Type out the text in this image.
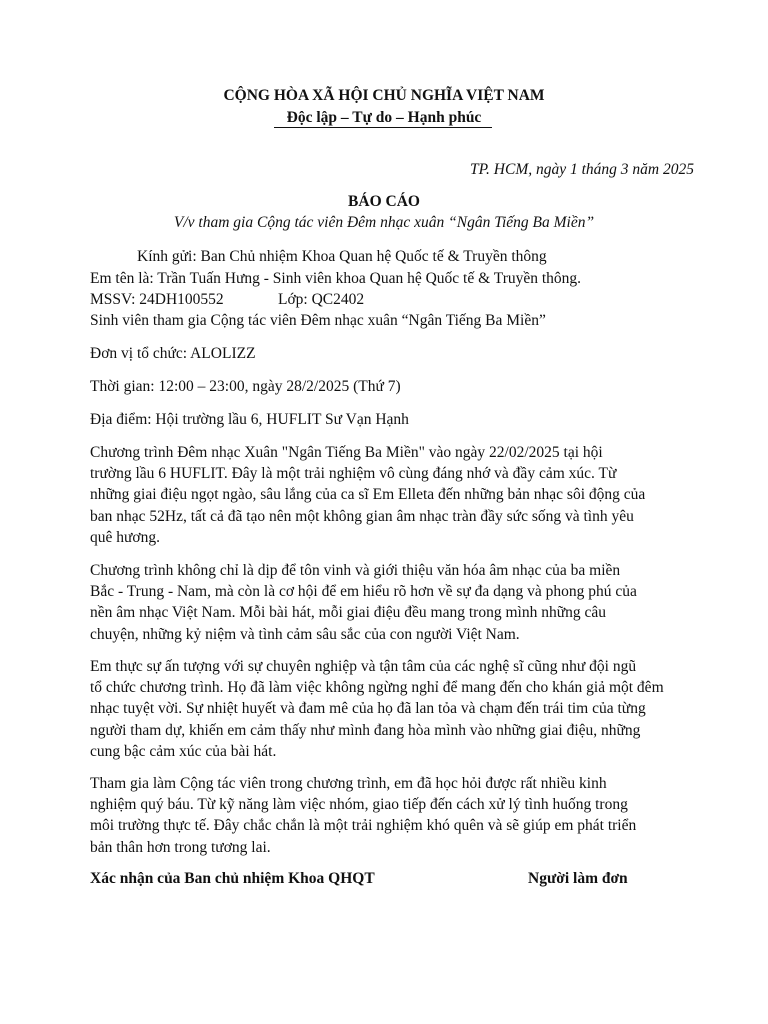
CỘNG HÒA XÃ HỘI CHỦ NGHĨA VIỆT NAM
Độc lập – Tự do – Hạnh phúc
TP. HCM, ngày 1 tháng 3 năm 2025
BÁO CÁO
V/v tham gia Cộng tác viên Đêm nhạc xuân “Ngân Tiếng Ba Miền”
Kính gửi: Ban Chủ nhiệm Khoa Quan hệ Quốc tế & Truyền thông
Em tên là: Trần Tuấn Hưng - Sinh viên khoa Quan hệ Quốc tế & Truyền thông.
MSSV: 24DH100552	Lớp: QC2402
Sinh viên tham gia Cộng tác viên Đêm nhạc xuân “Ngân Tiếng Ba Miền”
Đơn vị tổ chức: ALOLIZZ
Thời gian: 12:00 – 23:00, ngày 28/2/2025 (Thứ 7)
Địa điểm: Hội trường lầu 6, HUFLIT Sư Vạn Hạnh
Chương trình Đêm nhạc Xuân "Ngân Tiếng Ba Miền" vào ngày 22/02/2025 tại hội
trường lầu 6 HUFLIT. Đây là một trải nghiệm vô cùng đáng nhớ và đầy cảm xúc. Từ
những giai điệu ngọt ngào, sâu lắng của ca sĩ Em Elleta đến những bản nhạc sôi động của
ban nhạc 52Hz, tất cả đã tạo nên một không gian âm nhạc tràn đầy sức sống và tình yêu
quê hương.
Chương trình không chỉ là dịp để tôn vinh và giới thiệu văn hóa âm nhạc của ba miền
Bắc - Trung - Nam, mà còn là cơ hội để em hiểu rõ hơn về sự đa dạng và phong phú của
nền âm nhạc Việt Nam. Mỗi bài hát, mỗi giai điệu đều mang trong mình những câu
chuyện, những kỷ niệm và tình cảm sâu sắc của con người Việt Nam.
Em thực sự ấn tượng với sự chuyên nghiệp và tận tâm của các nghệ sĩ cũng như đội ngũ
tổ chức chương trình. Họ đã làm việc không ngừng nghỉ để mang đến cho khán giả một đêm
nhạc tuyệt vời. Sự nhiệt huyết và đam mê của họ đã lan tỏa và chạm đến trái tim của từng
người tham dự, khiến em cảm thấy như mình đang hòa mình vào những giai điệu, những
cung bậc cảm xúc của bài hát.
Tham gia làm Cộng tác viên trong chương trình, em đã học hỏi được rất nhiều kinh
nghiệm quý báu. Từ kỹ năng làm việc nhóm, giao tiếp đến cách xử lý tình huống trong
môi trường thực tế. Đây chắc chắn là một trải nghiệm khó quên và sẽ giúp em phát triển
bản thân hơn trong tương lai.
Xác nhận của Ban chủ nhiệm Khoa QHQT	Người làm đơn
